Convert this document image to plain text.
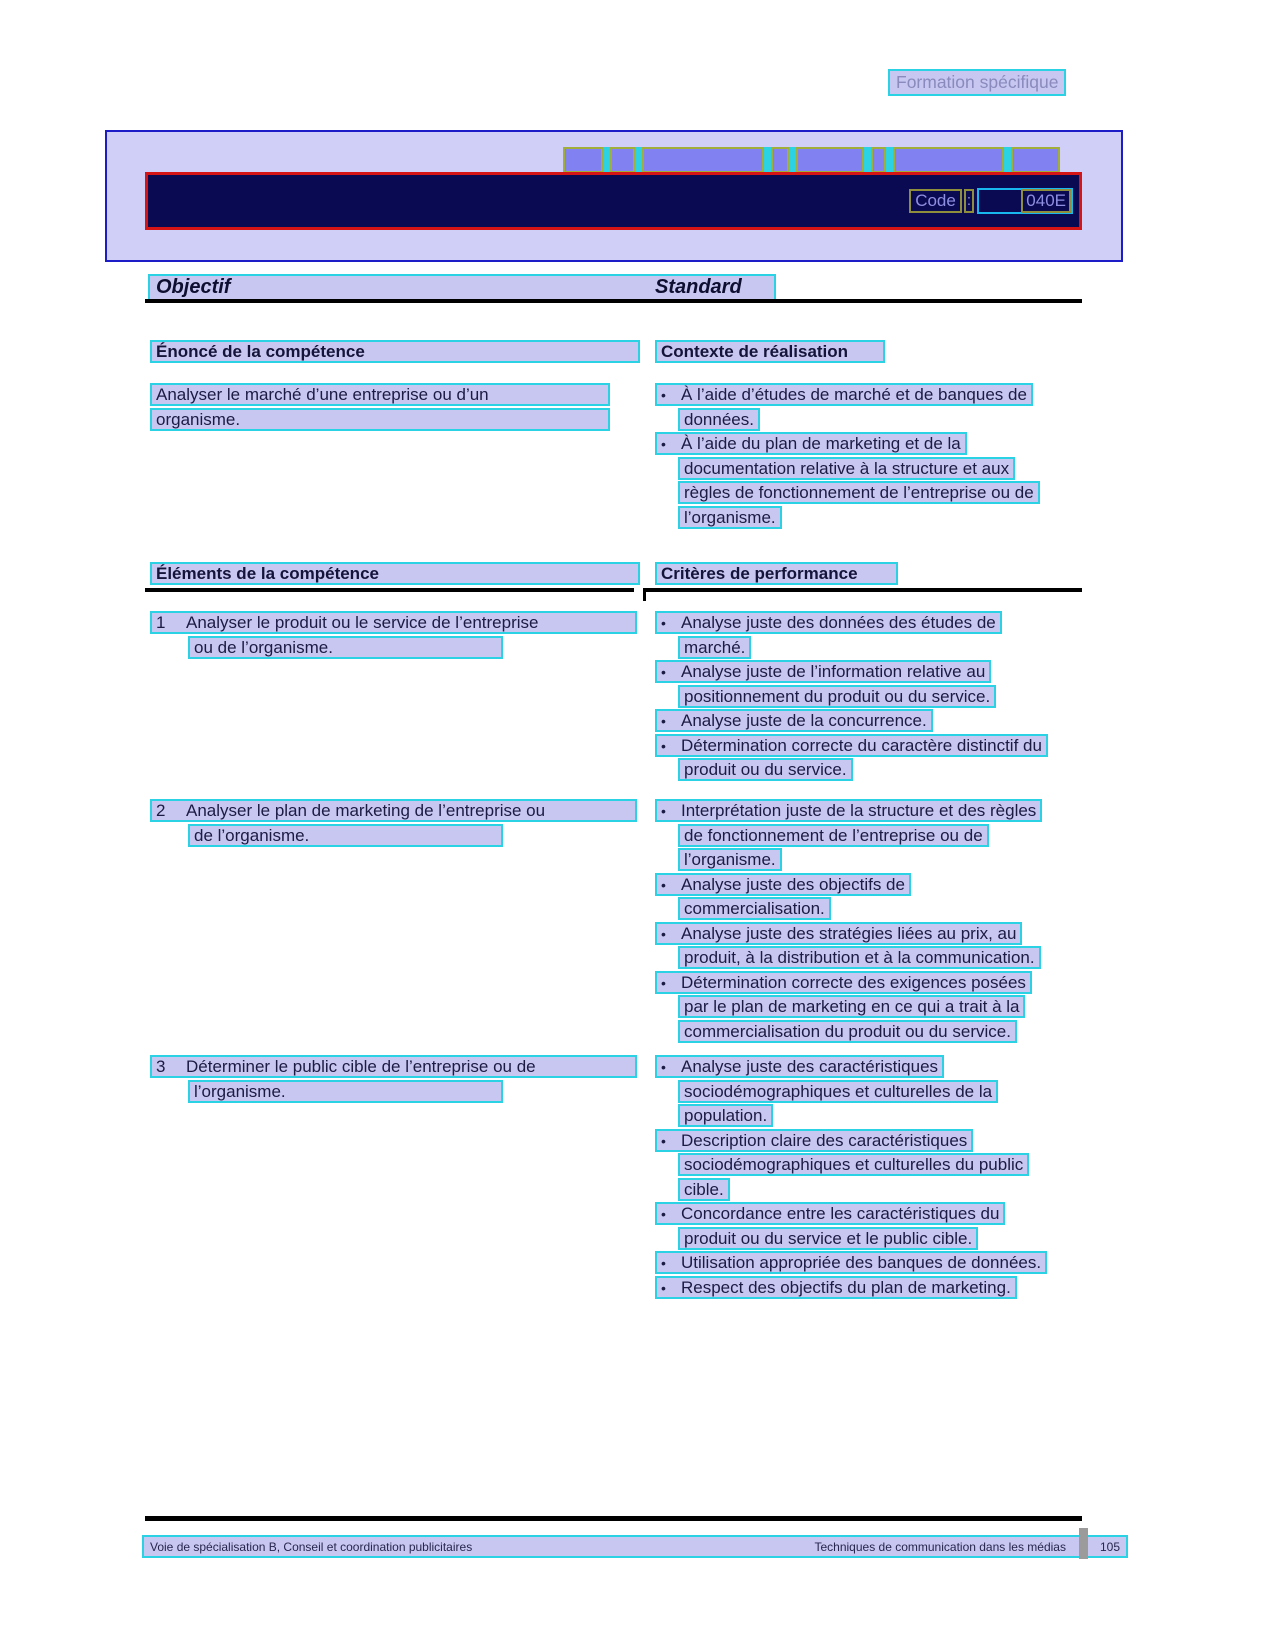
Formation spécifique
Code :	040E
Objectif	Standard
Énoncé de la compétence	Contexte de réalisation
Analyser le marché d’une entreprise ou d’un
organisme.
• À l’aide d’études de marché et de banques de
données.
• À l’aide du plan de marketing et de la
documentation relative à la structure et aux
règles de fonctionnement de l’entreprise ou de
l’organisme.
Éléments de la compétence	Critères de performance
1 Analyser le produit ou le service de l’entreprise
ou de l’organisme.
• Analyse juste des données des études de
marché.
• Analyse juste de l’information relative au
positionnement du produit ou du service.
• Analyse juste de la concurrence.
• Détermination correcte du caractère distinctif du
produit ou du service.
2 Analyser le plan de marketing de l’entreprise ou
de l’organisme.
• Interprétation juste de la structure et des règles
de fonctionnement de l’entreprise ou de
l’organisme.
• Analyse juste des objectifs de
commercialisation.
• Analyse juste des stratégies liées au prix, au
produit, à la distribution et à la communication.
• Détermination correcte des exigences posées
par le plan de marketing en ce qui a trait à la
commercialisation du produit ou du service.
3 Déterminer le public cible de l’entreprise ou de
l’organisme.
• Analyse juste des caractéristiques
sociodémographiques et culturelles de la
population.
• Description claire des caractéristiques
sociodémographiques et culturelles du public
cible.
• Concordance entre les caractéristiques du
produit ou du service et le public cible.
• Utilisation appropriée des banques de données.
• Respect des objectifs du plan de marketing.
Voie de spécialisation B, Conseil et coordination publicitaires	Techniques de communication dans les médias	105
